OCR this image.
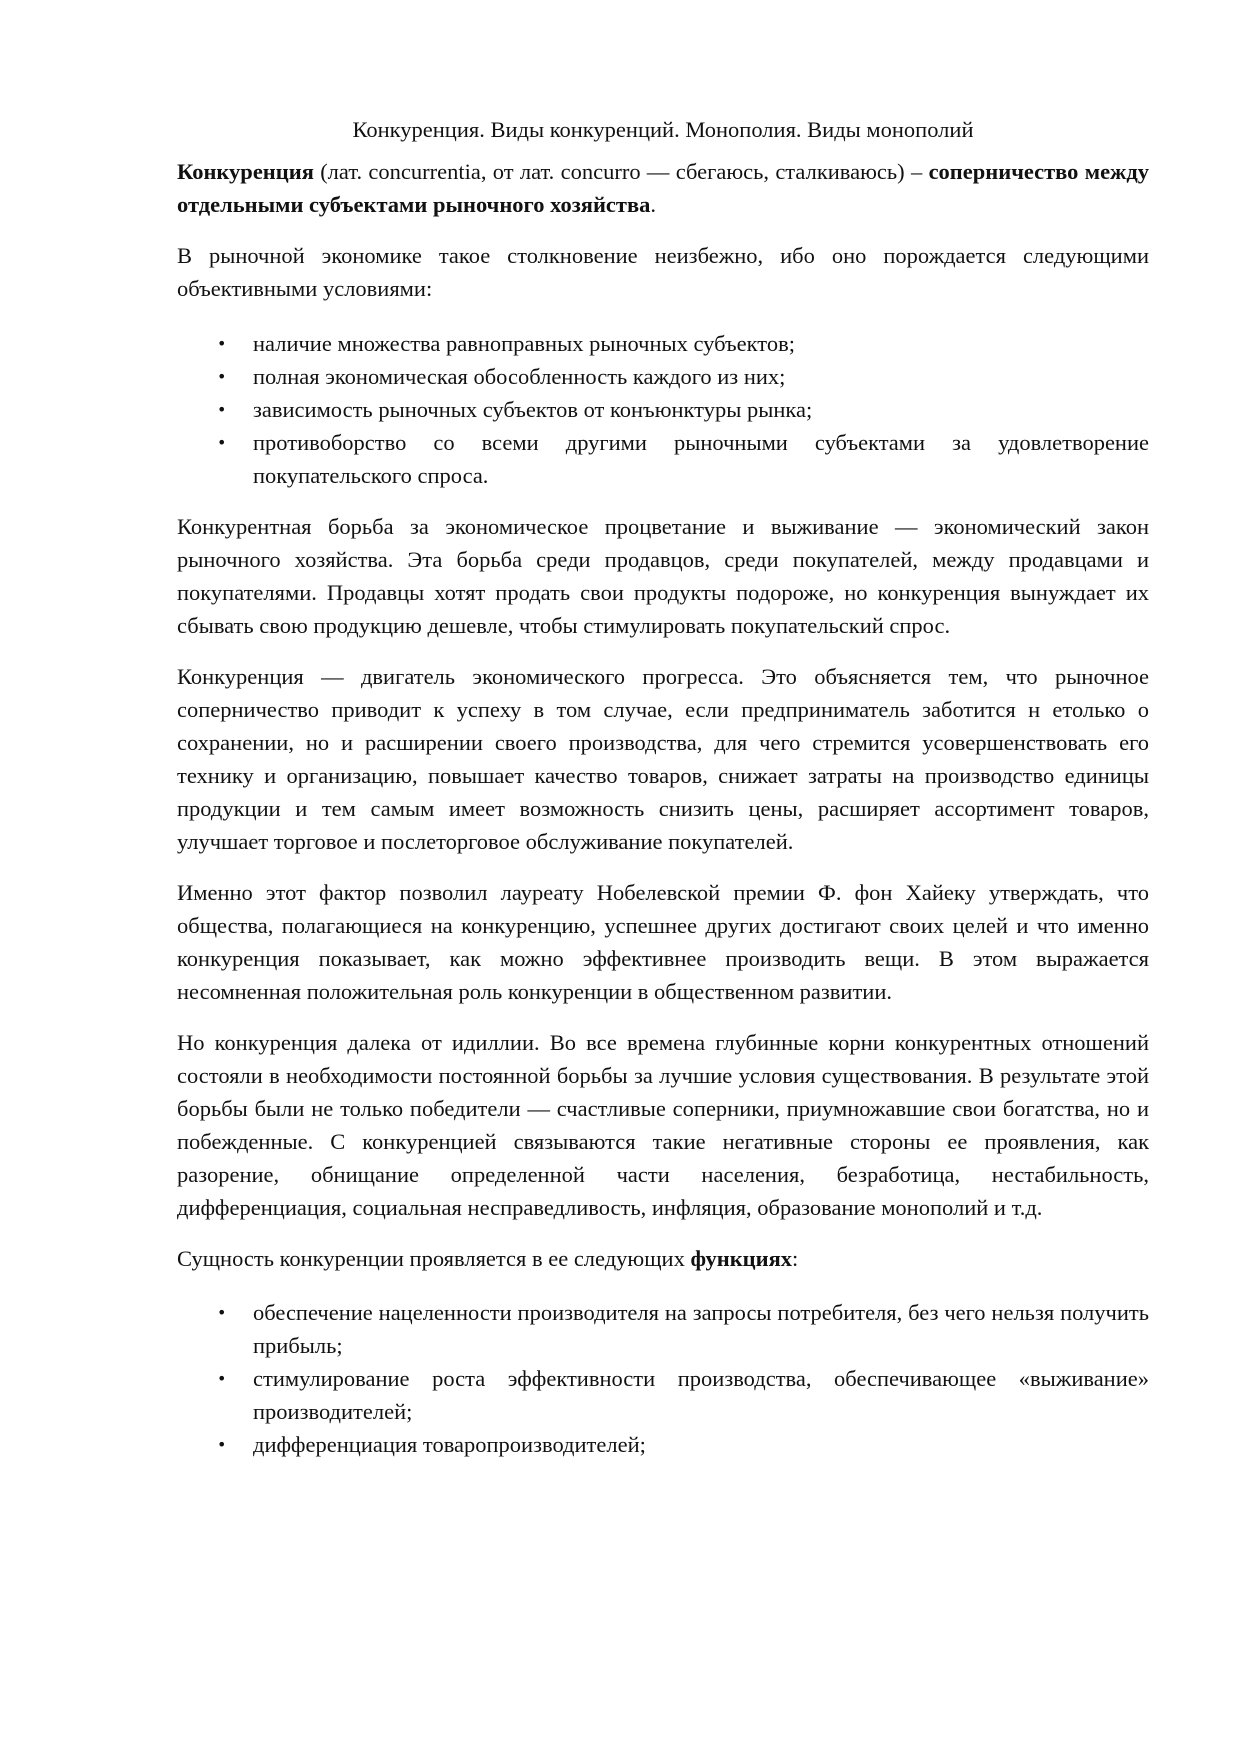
Конкуренция. Виды конкуренций. Монополия. Виды монополий

Конкуренция (лат. concurrentia, от лат. concurro — сбегаюсь, сталкиваюсь) – соперничество между отдельными субъектами рыночного хозяйства.

В рыночной экономике такое столкновение неизбежно, ибо оно порождается следующими объективными условиями:

• наличие множества равноправных рыночных субъектов;
• полная экономическая обособленность каждого из них;
• зависимость рыночных субъектов от конъюнктуры рынка;
• противоборство со всеми другими рыночными субъектами за удовлетворение покупательского спроса.

Конкурентная борьба за экономическое процветание и выживание — экономический закон рыночного хозяйства. Эта борьба среди продавцов, среди покупателей, между продавцами и покупателями. Продавцы хотят продать свои продукты подороже, но конкуренция вынуждает их сбывать свою продукцию дешевле, чтобы стимулировать покупательский спрос.

Конкуренция — двигатель экономического прогресса. Это объясняется тем, что рыночное соперничество приводит к успеху в том случае, если предприниматель заботится н етолько о сохранении, но и расширении своего производства, для чего стремится усовершенствовать его технику и организацию, повышает качество товаров, снижает затраты на производство единицы продукции и тем самым имеет возможность снизить цены, расширяет ассортимент товаров, улучшает торговое и послеторговое обслуживание покупателей.

Именно этот фактор позволил лауреату Нобелевской премии Ф. фон Хайеку утверждать, что общества, полагающиеся на конкуренцию, успешнее других достигают своих целей и что именно конкуренция показывает, как можно эффективнее производить вещи. В этом выражается несомненная положительная роль конкуренции в общественном развитии.

Но конкуренция далека от идиллии. Во все времена глубинные корни конкурентных отношений состояли в необходимости постоянной борьбы за лучшие условия существования. В результате этой борьбы были не только победители — счастливые соперники, приумножавшие свои богатства, но и побежденные. С конкуренцией связываются такие негативные стороны ее проявления, как разорение, обнищание определенной части населения, безработица, нестабильность, дифференциация, социальная несправедливость, инфляция, образование монополий и т.д.

Сущность конкуренции проявляется в ее следующих функциях:

• обеспечение нацеленности производителя на запросы потребителя, без чего нельзя получить прибыль;
• стимулирование роста эффективности производства, обеспечивающее «выживание» производителей;
• дифференциация товаропроизводителей;
